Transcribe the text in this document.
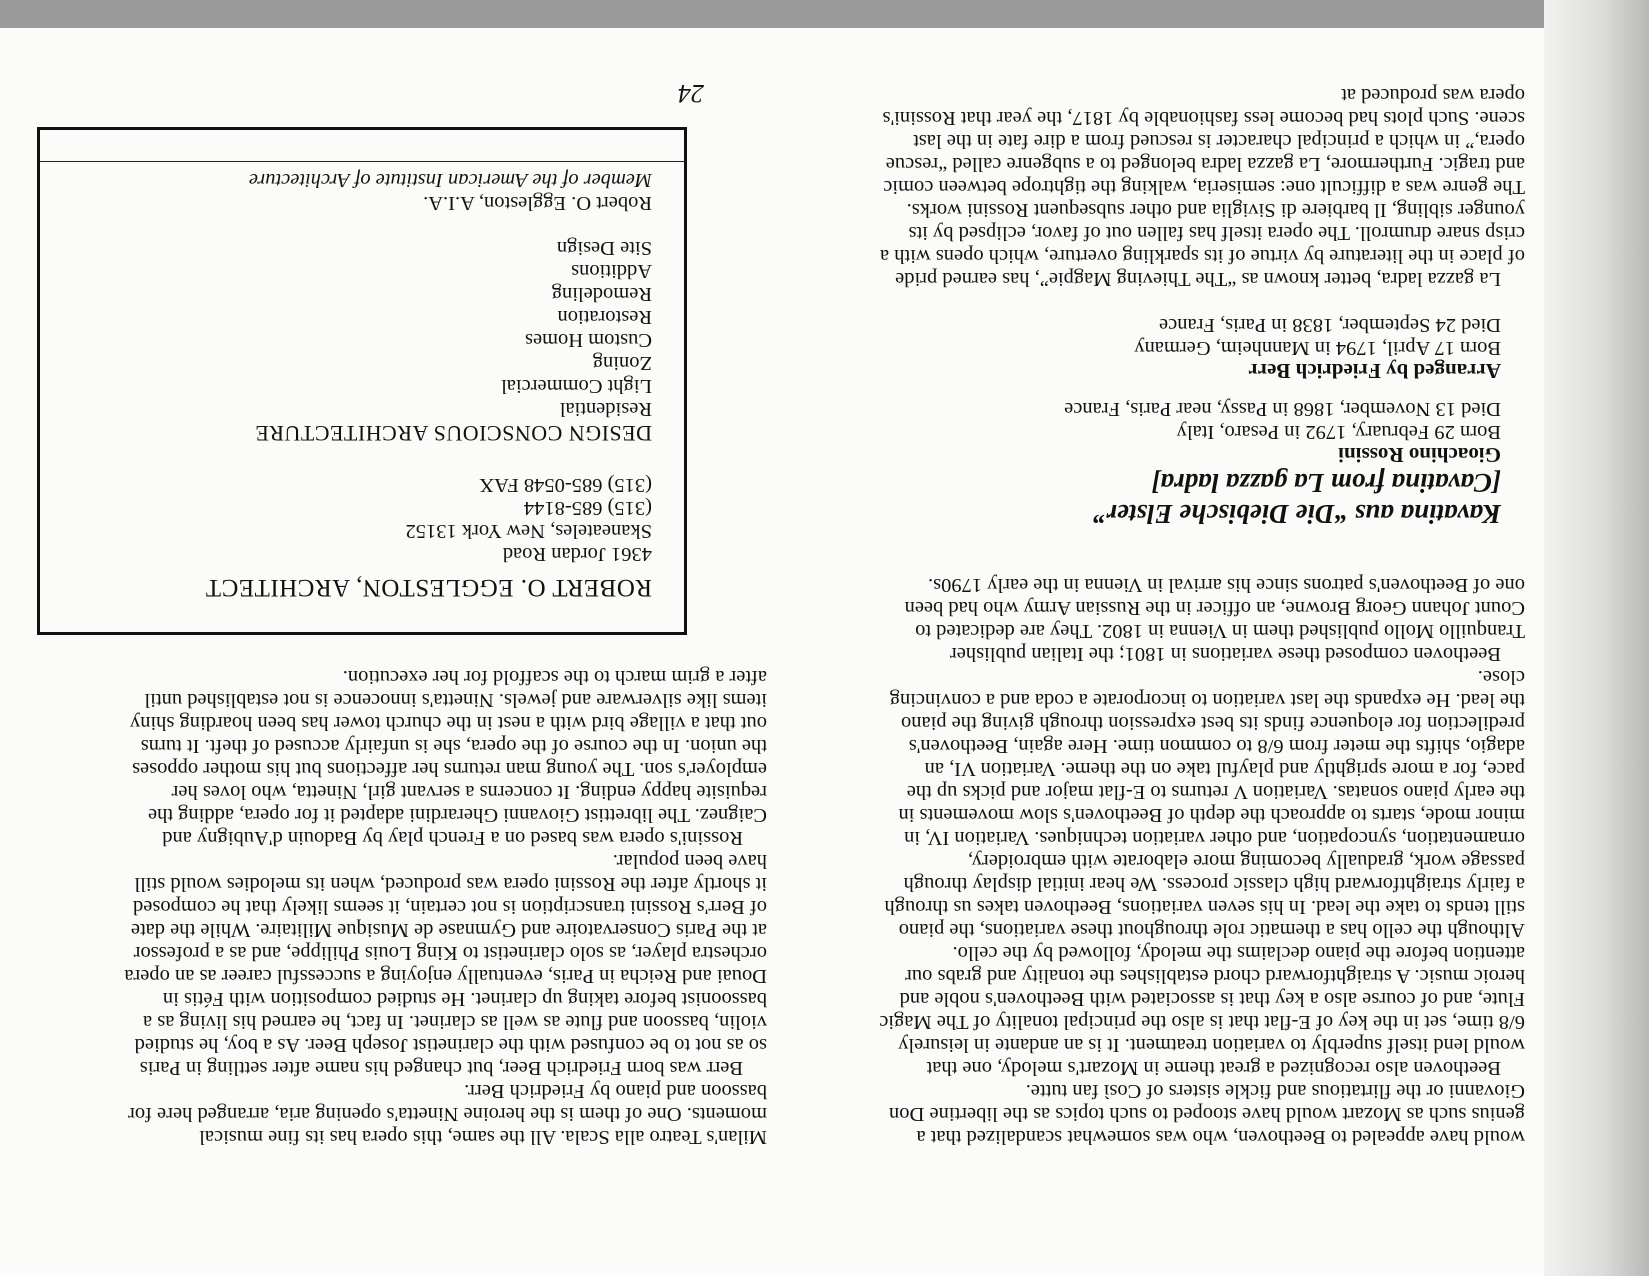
would have appealed to Beethoven, who was somewhat scandalized that a genius such as Mozart would have stooped to such topics as the libertine Don Giovanni or the flirtatious and fickle sisters of Così fan tutte.

Beethoven also recognized a great theme in Mozart's melody, one that would lend itself superbly to variation treatment. It is an andante in leisurely 6/8 time, set in the key of E-flat that is also the principal tonality of The Magic Flute, and of course also a key that is associated with Beethoven's noble and heroic music. A straightforward chord establishes the tonality and grabs our attention before the piano declaims the melody, followed by the cello. Although the cello has a thematic role throughout these variations, the piano still tends to take the lead. In his seven variations, Beethoven takes us through a fairly straightforward high classic process. We hear initial display through passage work, gradually becoming more elaborate with embroidery, ornamentation, syncopation, and other variation techniques. Variation IV, in minor mode, starts to approach the depth of Beethoven's slow movements in the early piano sonatas. Variation V returns to E-flat major and picks up the pace, for a more sprightly and playful take on the theme. Variation VI, an adagio, shifts the meter from 6/8 to common time. Here again, Beethoven's predilection for eloquence finds its best expression through giving the piano the lead. He expands the last variation to incorporate a coda and a convincing close.

Beethoven composed these variations in 1801; the Italian publisher Tranquillo Mollo published them in Vienna in 1802. They are dedicated to Count Johann Georg Browne, an officer in the Russian Army who had been one of Beethoven's patrons since his arrival in Vienna in the early 1790s.

Kavatina aus “Die Diebische Elster”

[Cavatina from La gazza ladra]

Gioachino Rossini

Born 29 February, 1792 in Pesaro, Italy

Died 13 November, 1868 in Passy, near Paris, France

Arranged by Friedrich Berr

Born 17 April, 1794 in Mannheim, Germany

Died 24 September, 1838 in Paris, France

La gazza ladra, better known as “The Thieving Magpie”, has earned pride of place in the literature by virtue of its sparkling overture, which opens with a crisp snare drumroll. The opera itself has fallen out of favor, eclipsed by its younger sibling, Il barbiere di Siviglia and other subsequent Rossini works. The genre was a difficult one: semiseria, walking the tightrope between comic and tragic. Furthermore, La gazza ladra belonged to a subgenre called “rescue opera,” in which a principal character is rescued from a dire fate in the last scene. Such plots had become less fashionable by 1817, the year that Rossini's opera was produced at

Milan's Teatro alla Scala. All the same, this opera has its fine musical moments. One of them is the heroine Ninetta's opening aria, arranged here for bassoon and piano by Friedrich Berr.

Berr was born Friedrich Beer, but changed his name after settling in Paris so as not to be confused with the clarinetist Joseph Beer. As a boy, he studied violin, bassoon and flute as well as clarinet. In fact, he earned his living as a bassoonist before taking up clarinet. He studied composition with Fétis in Douai and Reicha in Paris, eventually enjoying a successful career as an opera orchestra player, as solo clarinetist to King Louis Philippe, and as a professor at the Paris Conservatoire and Gymnase de Musique Militaire. While the date of Berr's Rossini transcription is not certain, it seems likely that he composed it shortly after the Rossini opera was produced, when its melodies would still have been popular.

Rossini's opera was based on a French play by Badouin d'Aubigny and Caignez. The librettist Giovanni Gherardini adapted it for opera, adding the requisite happy ending. It concerns a servant girl, Ninetta, who loves her employer's son. The young man returns her affections but his mother opposes the union. In the course of the opera, she is unfairly accused of theft. It turns out that a village bird with a nest in the church tower has been hoarding shiny items like silverware and jewels. Ninetta's innocence is not established until after a grim march to the scaffold for her execution.

ROBERT O. EGGLESTON, ARCHITECT

4361 Jordan Road

Skaneateles, New York 13152

(315) 685-8144

(315) 685-0548 FAX

DESIGN CONSCIOUS ARCHITECTURE

Residential
Light Commercial
Zoning
Custom Homes
Restoration
Remodeling
Additions
Site Design

Robert O. Eggleston, A.I.A.

Member of the American Institute of Architecture

24
